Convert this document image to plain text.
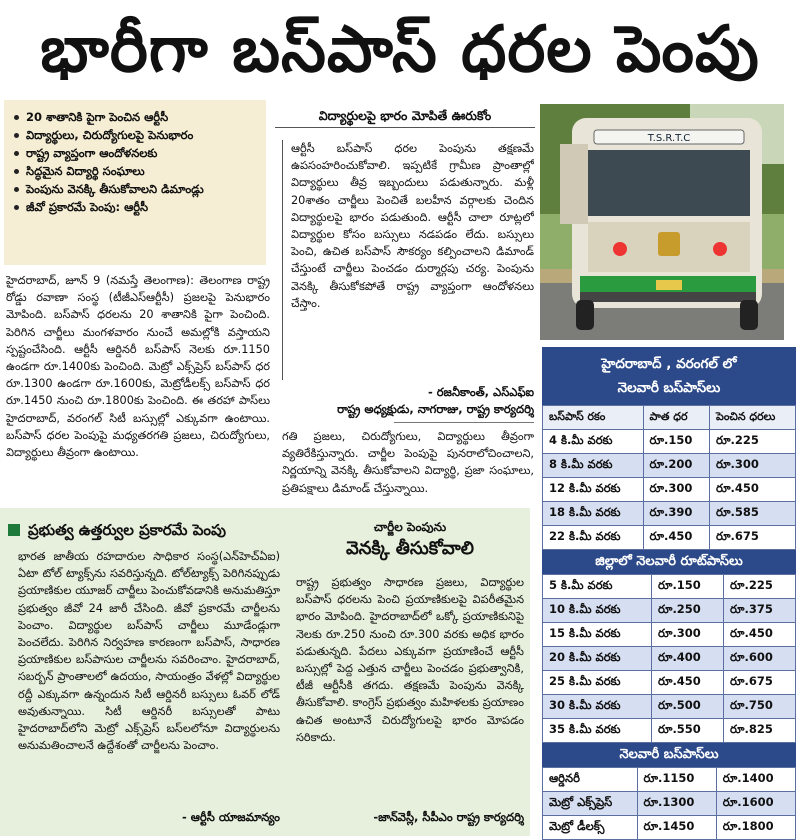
భారీగా బస్‌పాస్‌ ధరల పెంపు
20 శాతానికి పైగా పెంచిన ఆర్టీసీ
విద్యార్థులు, చిరుద్యోగులపై పెనుభారం
రాష్ట్ర వ్యాప్తంగా ఆందోళనలకు
సిద్ధమైన విద్యార్థి సంఘాలు
పెంపును వెనక్కి తీసుకోవాలని డిమాండ్లు
జీవో ప్రకారమే పెంపు: ఆర్టీసీ

హైదరాబాద్, జూన్ 9 (నమస్తే తెలంగాణ): తెలంగాణ రాష్ట్ర రోడ్డు రవాణా సంస్థ (టీజీఎస్‌ఆర్టీసీ) ప్రజలపై పెనుభారం మోపింది. బస్‌పాస్ ధరలను 20 శాతానికి పైగా పెంచింది. పెరిగిన చార్జీలు మంగళవారం నుంచే అమల్లోకి వస్తాయని స్పష్టంచేసింది. ఆర్టీసీ ఆర్డినరీ బస్‌పాస్ నెలకు రూ.1150 ఉండగా రూ.1400కు పెంచింది. మెట్రో ఎక్స్‌ప్రెస్ బస్‌పాస్ ధర రూ.1300 ఉండగా రూ.1600కు, మెట్రోడీలక్స్ బస్‌పాస్ ధర రూ.1450 నుంచి రూ.1800కు పెంచింది. ఈ తరహా పాస్‌లు హైదరాబాద్, వరంగల్ సిటీ బస్సుల్లో ఎక్కువగా ఉంటాయి. బస్‌పాస్ ధరల పెంపుపై మధ్యతరగతి ప్రజలు, చిరుద్యోగులు, విద్యార్థులు తీవ్రంగా ఉంటాయి.

విద్యార్థులపై భారం మోపితే ఊరుకోం

ఆర్టీసీ బస్‌పాస్ ధరల పెంపును తక్షణమే ఉపసంహరించుకోవాలి. ఇప్పటికే గ్రామీణ ప్రాంతాల్లో విద్యార్థులు తీవ్ర ఇబ్బందులు పడుతున్నారు. మళ్లీ 20శాతం చార్జీలు పెంచితే బలహీన వర్గాలకు చెందిన విద్యార్థులపై భారం పడుతుంది. ఆర్టీసీ చాలా రూట్లలో విద్యార్థుల కోసం బస్సులు నడపడం లేదు. బస్సులు పెంచి, ఉచిత బస్‌పాస్ సౌకర్యం కల్పించాలని డిమాండ్ చేస్తుంటే చార్జీలు పెంచడం దుర్మార్గపు చర్య. పెంపును వెనక్కి తీసుకోకపోతే రాష్ట్ర వ్యాప్తంగా ఆందోళనలు చేస్తాం.

- రజనీకాంత్, ఎస్‌ఎఫ్‌ఐ
రాష్ట్ర అధ్యక్షుడు, నాగరాజు, రాష్ట్ర కార్యదర్శి

గతి ప్రజలు, చిరుద్యోగులు, విద్యార్థులు తీవ్రంగా వ్యతిరేకిస్తున్నారు. చార్జీల పెంపుపై పునరాలోచించాలని, నిర్ణయాన్ని వెనక్కి తీసుకోవాలని విద్యార్థి, ప్రజా సంఘాలు, ప్రతిపక్షాలు డిమాండ్ చేస్తున్నాయి.

T.S.R.T.C
ప్రభుత్వ ఉత్తర్వుల ప్రకారమే పెంపు

భారత జాతీయ రహదారుల సాధికార సంస్థ(ఎన్‌హెచ్‌ఏఐ) ఏటా టోల్ ట్యాక్స్‌ను సవరిస్తున్నది. టోల్‌ట్యాక్స్ పెరిగినప్పుడు ప్రయాణికుల యూజర్ చార్జీలు పెంచుకోవడానికి అనుమతిస్తూ ప్రభుత్వం జీవో 24 జారీ చేసింది. జీవో ప్రకారమే చార్జీలను పెంచాం. విద్యార్థుల బస్‌పాస్ చార్జీలు మూడేండ్లుగా పెంచలేదు. పెరిగిన నిర్వహణ కారణంగా బస్‌పాస్, సాధారణ ప్రయాణికుల బస్‌పాసుల చార్జీలను సవరించాం. హైదరాబాద్, సబర్బన్ ప్రాంతాలలో ఉదయం, సాయంత్రం వేళల్లో విద్యార్థుల రద్దీ ఎక్కువగా ఉన్నందున సిటీ ఆర్డినరీ బస్సులు ఓవర్ లోడ్ అవుతున్నాయి. సిటీ ఆర్డినరీ బస్సులతో పాటు హైదరాబాద్‌లోని మెట్రో ఎక్స్‌ప్రెస్ బస్‌లలోనూ విద్యార్థులను అనుమతించాలనే ఉద్దేశంతో చార్జీలను పెంచాం.

- ఆర్టీసీ యాజమాన్యం
చార్జీల పెంపును
వెనక్కి తీసుకోవాలి

రాష్ట్ర ప్రభుత్వం సాధారణ ప్రజలు, విద్యార్థుల బస్‌పాస్ ధరలను పెంచి ప్రయాణికులపై విపరీతమైన భారం మోపింది. హైదరాబాద్‌లో ఒక్కో ప్రయాణికునిపై నెలకు రూ.250 నుంచి రూ.300 వరకు అధిక భారం పడుతున్నది. పేదలు ఎక్కువగా ప్రయాణించే ఆర్టీసీ బస్సుల్లో పెద్ద ఎత్తున చార్జీలు పెంచడం ప్రభుత్వానికి, టీజీ ఆర్టీసీకి తగదు. తక్షణమే పెంపును వెనక్కి తీసుకోవాలి. కాంగ్రెస్ ప్రభుత్వం మహిళలకు ప్రయాణం ఉచిత అంటూనే చిరుద్యోగులపై భారం మోపడం సరికాదు.

-జాన్‌వెస్లీ, సీపీఎం రాష్ట్ర కార్యదర్శి
హైదరాబాద్ , వరంగల్ లో
నెలవారీ బస్‌పాస్‌లు
బస్‌పాస్ రకం	పాత ధర	పెంచిన ధరలు
4 కి.మీ వరకు	రూ.150	రూ.225
8 కి.మీ వరకు	రూ.200	రూ.300
12 కి.మీ వరకు	రూ.300	రూ.450
18 కి.మీ వరకు	రూ.390	రూ.585
22 కి.మీ వరకు	రూ.450	రూ.675
జిల్లాలో నెలవారీ రూట్‌పాస్‌లు
5 కి.మీ వరకు	రూ.150	రూ.225
10 కి.మీ వరకు	రూ.250	రూ.375
15 కి.మీ వరకు	రూ.300	రూ.450
20 కి.మీ వరకు	రూ.400	రూ.600
25 కి.మీ వరకు	రూ.450	రూ.675
30 కి.మీ వరకు	రూ.500	రూ.750
35 కి.మీ వరకు	రూ.550	రూ.825
నెలవారీ బస్‌పాస్‌లు
ఆర్డినరీ	రూ.1150	రూ.1400
మెట్రో ఎక్స్‌ప్రెస్	రూ.1300	రూ.1600
మెట్రో డీలక్స్	రూ.1450	రూ.1800
